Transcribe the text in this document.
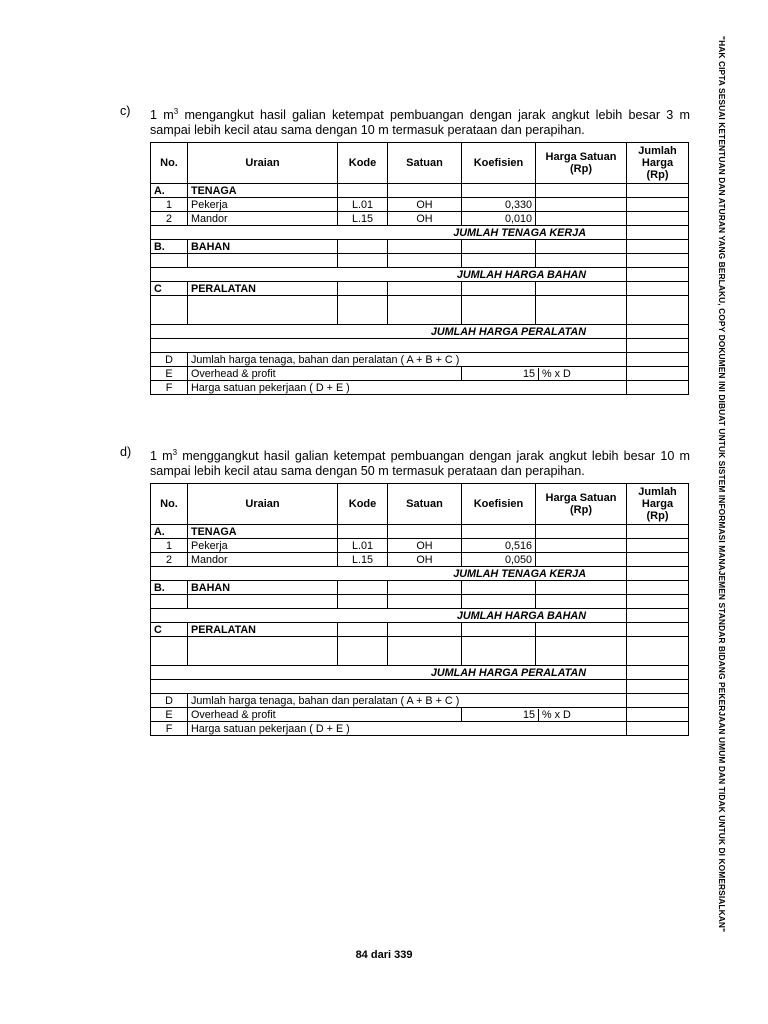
"HAK CIPTA SESUAI KETENTUAN DAN ATURAN YANG BERLAKU, COPY DOKUMEN INI DIBUAT UNTUK SISTEM INFORMASI MANAJEMEN STANDAR BIDANG PEKERJAAN UMUM DAN TIDAK UNTUK DI KOMERSIALKAN"
c)	1 $m^3$ mengangkut hasil galian ketempat pembuangan dengan jarak angkut lebih besar 3 m sampai lebih kecil atau sama dengan 10 m termasuk perataan dan perapihan.
No.	Uraian	Kode	Satuan	Koefisien	Harga Satuan (Rp)	Jumlah Harga (Rp)
A.	TENAGA					
1	Pekerja	L.01	OH	0,330		
2	Mandor	L.15	OH	0,010		
JUMLAH TENAGA KERJA						
B.	BAHAN					

JUMLAH HARGA BAHAN						
C	PERALATAN					

JUMLAH HARGA PERALATAN						

D	Jumlah harga tenaga, bahan dan peralatan ( A + B + C )					
E	Overhead & profit			15 % x D		
F	Harga satuan pekerjaan ( D + E )					
d)	1 $m^3$ menggangkut hasil galian ketempat pembuangan dengan jarak angkut lebih besar 10 m sampai lebih kecil atau sama dengan 50 m termasuk perataan dan perapihan.
No.	Uraian	Kode	Satuan	Koefisien	Harga Satuan (Rp)	Jumlah Harga (Rp)
A.	TENAGA					
1	Pekerja	L.01	OH	0,516		
2	Mandor	L.15	OH	0,050		
JUMLAH TENAGA KERJA						
B.	BAHAN					

JUMLAH HARGA BAHAN						
C	PERALATAN					

JUMLAH HARGA PERALATAN						

D	Jumlah harga tenaga, bahan dan peralatan ( A + B + C )					
E	Overhead & profit			15 % x D		
F	Harga satuan pekerjaan ( D + E )					
84 dari 339
